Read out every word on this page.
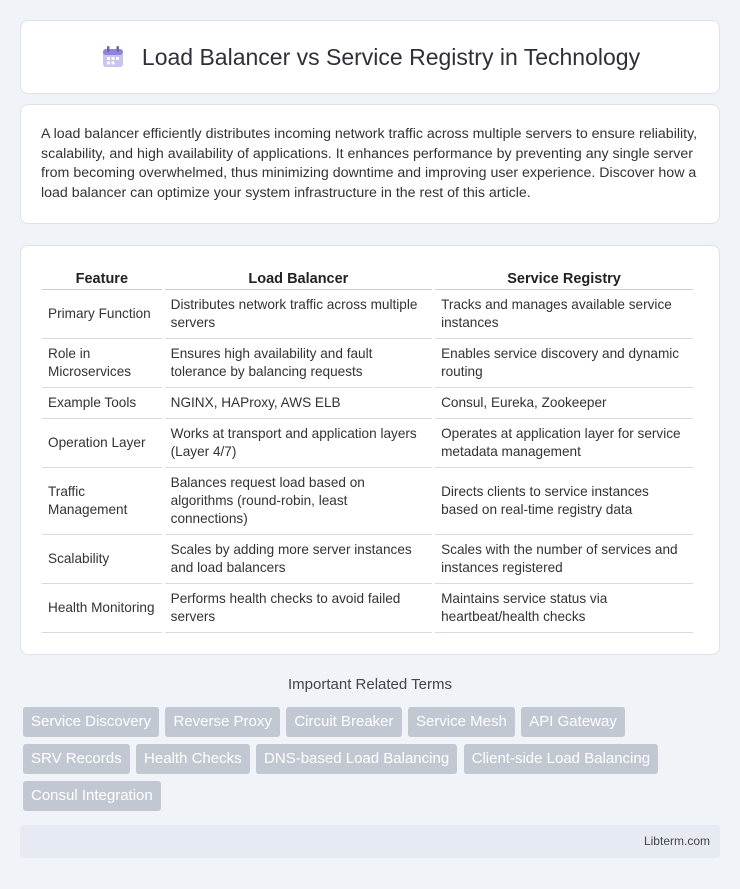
Load Balancer vs Service Registry in Technology

A load balancer efficiently distributes incoming network traffic across multiple servers to ensure reliability, scalability, and high availability of applications. It enhances performance by preventing any single server from becoming overwhelmed, thus minimizing downtime and improving user experience. Discover how a load balancer can optimize your system infrastructure in the rest of this article.

Feature	Load Balancer	Service Registry
Primary Function	Distributes network traffic across multiple servers	Tracks and manages available service instances
Role in Microservices	Ensures high availability and fault tolerance by balancing requests	Enables service discovery and dynamic routing
Example Tools	NGINX, HAProxy, AWS ELB	Consul, Eureka, Zookeeper
Operation Layer	Works at transport and application layers (Layer 4/7)	Operates at application layer for service metadata management
Traffic Management	Balances request load based on algorithms (round-robin, least connections)	Directs clients to service instances based on real-time registry data
Scalability	Scales by adding more server instances and load balancers	Scales with the number of services and instances registered
Health Monitoring	Performs health checks to avoid failed servers	Maintains service status via heartbeat/health checks
Important Related Terms
Service Discovery Reverse Proxy Circuit Breaker Service Mesh API Gateway SRV Records Health Checks DNS-based Load Balancing Client-side Load Balancing Consul Integration
Libterm.com
